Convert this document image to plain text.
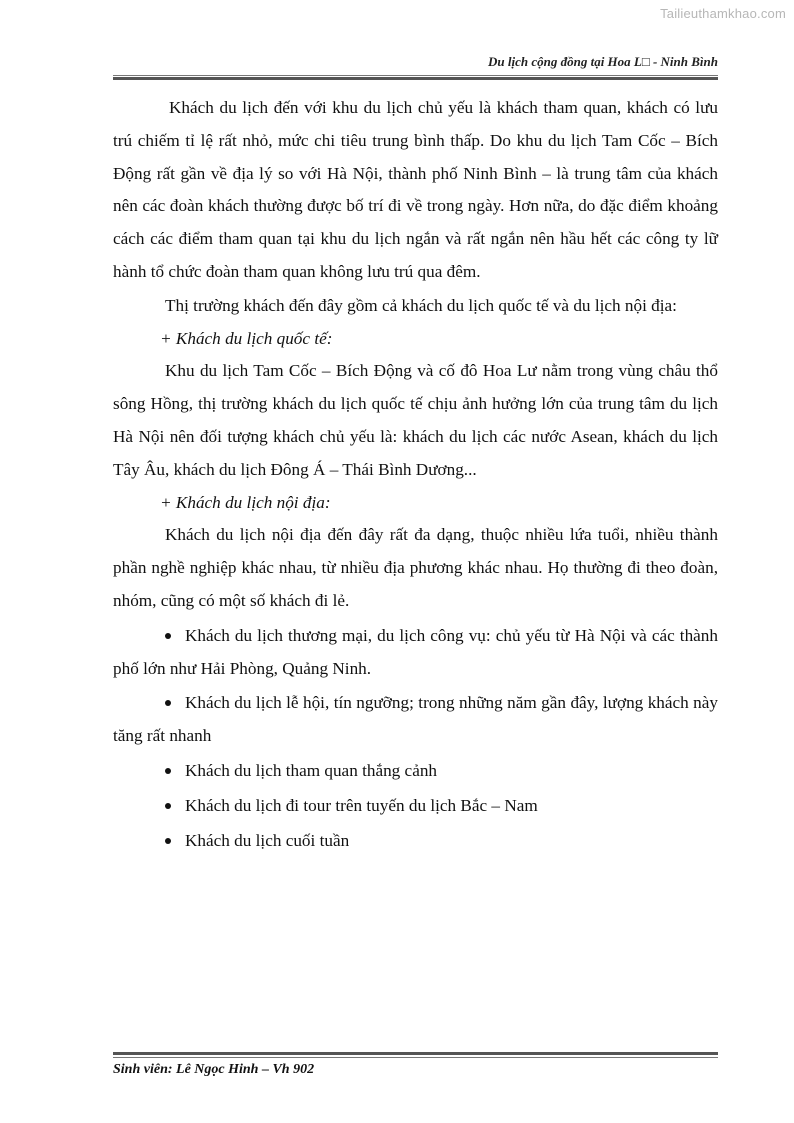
Tailieuthamkhao.com
Du lịch cộng đồng tại Hoa L□ - Ninh Bình

Khách du lịch đến với khu du lịch chủ yếu là khách tham quan, khách có lưu trú chiếm tỉ lệ rất nhỏ, mức chi tiêu trung bình thấp. Do khu du lịch Tam Cốc – Bích Động rất gần về địa lý so với Hà Nội, thành phố Ninh Bình – là trung tâm của khách nên các đoàn khách thường được bố trí đi về trong ngày. Hơn nữa, do đặc điểm khoảng cách các điểm tham quan tại khu du lịch ngắn và rất ngắn nên hầu hết các công ty lữ hành tổ chức đoàn tham quan không lưu trú qua đêm.

Thị trường khách đến đây gồm cả khách du lịch quốc tế và du lịch nội địa:

+ Khách du lịch quốc tế:

Khu du lịch Tam Cốc – Bích Động và cố đô Hoa Lư nằm trong vùng châu thổ sông Hồng, thị trường khách du lịch quốc tế chịu ảnh hưởng lớn của trung tâm du lịch Hà Nội nên đối tượng khách chủ yếu là: khách du lịch các nước Asean, khách du lịch Tây Âu, khách du lịch Đông Á – Thái Bình Dương...

+ Khách du lịch nội địa:

Khách du lịch nội địa đến đây rất đa dạng, thuộc nhiều lứa tuổi, nhiều thành phần nghề nghiệp khác nhau, từ nhiều địa phương khác nhau. Họ thường đi theo đoàn, nhóm, cũng có một số khách đi lẻ.

Khách du lịch thương mại, du lịch công vụ: chủ yếu từ Hà Nội và các thành phố lớn như Hải Phòng, Quảng Ninh.

Khách du lịch lễ hội, tín ngưỡng; trong những năm gần đây, lượng khách này tăng rất nhanh

Khách du lịch tham quan thắng cảnh

Khách du lịch đi tour trên tuyến du lịch Bắc – Nam

Khách du lịch cuối tuần

Sinh viên: Lê Ngọc Hinh – Vh 902
